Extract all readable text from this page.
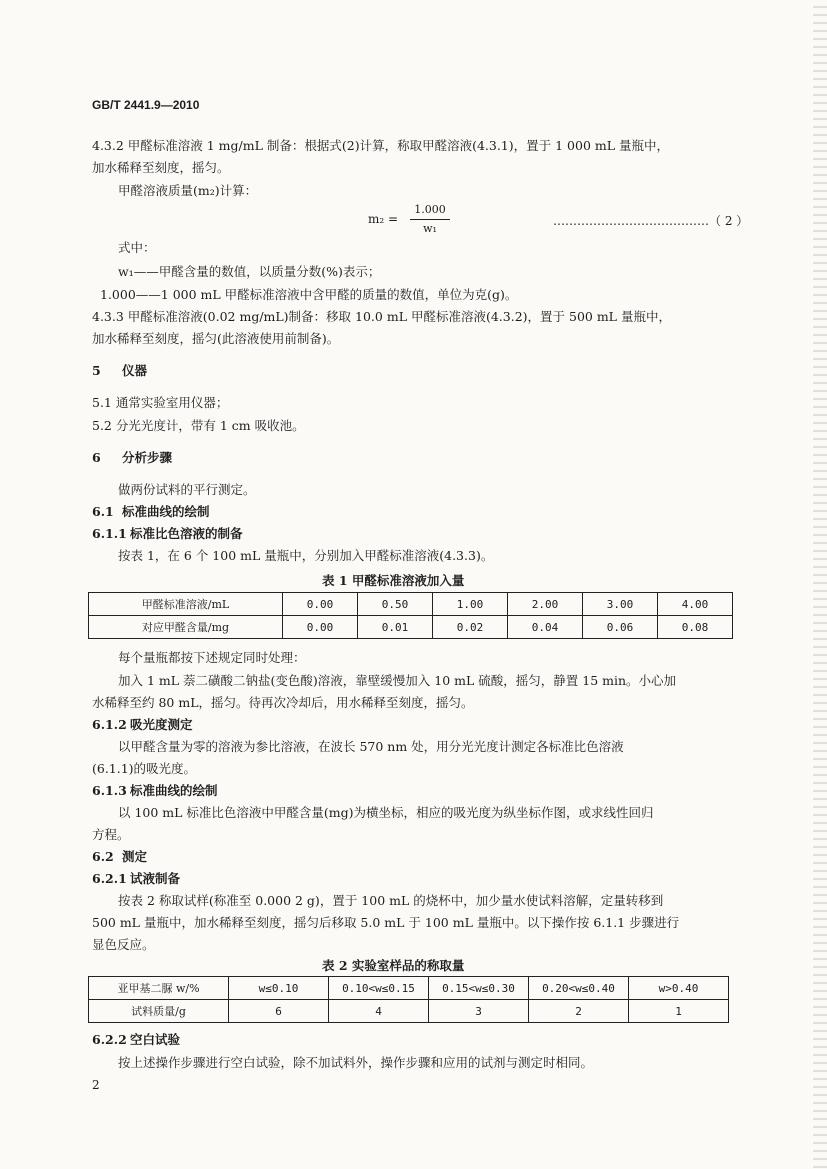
GB/T 2441.9—2010
4.3.2 甲醛标准溶液 1 mg/mL 制备：根据式(2)计算，称取甲醛溶液(4.3.1)，置于 1 000 mL 量瓶中，
加水稀释至刻度，摇匀。
甲醛溶液质量(m₂)计算：
m₂ =
1.000
w₁
…………………………………（ 2 ）
式中：
w₁——甲醛含量的数值，以质量分数(%)表示；
1.000——1 000 mL 甲醛标准溶液中含甲醛的质量的数值，单位为克(g)。
4.3.3 甲醛标准溶液(0.02 mg/mL)制备：移取 10.0 mL 甲醛标准溶液(4.3.2)，置于 500 mL 量瓶中，
加水稀释至刻度，摇匀(此溶液使用前制备)。
5 仪器
5.1 通常实验室用仪器；
5.2 分光光度计，带有 1 cm 吸收池。
6 分析步骤
做两份试料的平行测定。
6.1 标准曲线的绘制
6.1.1 标准比色溶液的制备
按表 1，在 6 个 100 mL 量瓶中，分别加入甲醛标准溶液(4.3.3)。
表 1 甲醛标准溶液加入量
甲醛标准溶液/mL	0.00	0.50	1.00	2.00	3.00	4.00
对应甲醛含量/mg	0.00	0.01	0.02	0.04	0.06	0.08
每个量瓶都按下述规定同时处理：
加入 1 mL 萘二磺酸二钠盐(变色酸)溶液，靠壁缓慢加入 10 mL 硫酸，摇匀，静置 15 min。小心加
水稀释至约 80 mL，摇匀。待再次冷却后，用水稀释至刻度，摇匀。
6.1.2 吸光度测定
以甲醛含量为零的溶液为参比溶液，在波长 570 nm 处，用分光光度计测定各标准比色溶液
(6.1.1)的吸光度。
6.1.3 标准曲线的绘制
以 100 mL 标准比色溶液中甲醛含量(mg)为横坐标，相应的吸光度为纵坐标作图，或求线性回归
方程。
6.2 测定
6.2.1 试液制备
按表 2 称取试样(称准至 0.000 2 g)，置于 100 mL 的烧杯中，加少量水使试料溶解，定量转移到
500 mL 量瓶中，加水稀释至刻度，摇匀后移取 5.0 mL 于 100 mL 量瓶中。以下操作按 6.1.1 步骤进行
显色反应。
表 2 实验室样品的称取量
亚甲基二脲 w/%	w≤0.10	0.10<w≤0.15	0.15<w≤0.30	0.20<w≤0.40	w>0.40
试料质量/g	6	4	3	2	1
6.2.2 空白试验
按上述操作步骤进行空白试验，除不加试料外，操作步骤和应用的试剂与测定时相同。
2
